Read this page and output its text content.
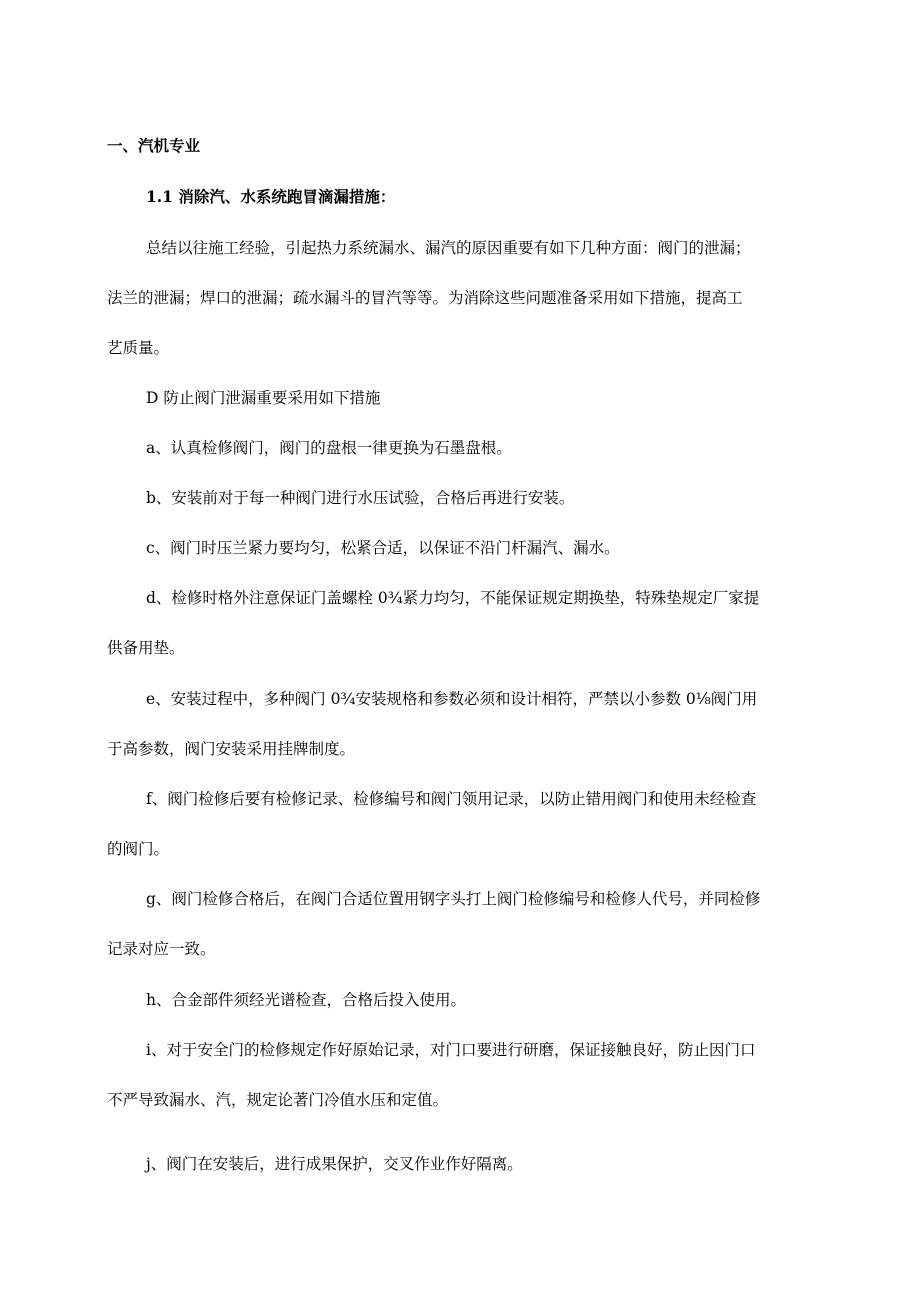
一、汽机专业
1.1 消除汽、水系统跑冒滴漏措施：
总结以往施工经验，引起热力系统漏水、漏汽的原因重要有如下几种方面：阀门的泄漏；
法兰的泄漏；焊口的泄漏；疏水漏斗的冒汽等等。为消除这些问题准备采用如下措施，提高工
艺质量。
D 防止阀门泄漏重要采用如下措施
a、认真检修阀门，阀门的盘根一律更换为石墨盘根。
b、安装前对于每一种阀门进行水压试验，合格后再进行安装。
c、阀门时压兰紧力要均匀，松紧合适，以保证不沿门杆漏汽、漏水。
d、检修时格外注意保证门盖螺栓 0¾紧力均匀，不能保证规定期换垫，特殊垫规定厂家提
供备用垫。
e、安装过程中，多种阀门 0¾安装规格和参数必须和设计相符，严禁以小参数 0⅛阀门用
于高参数，阀门安装采用挂牌制度。
f、阀门检修后要有检修记录、检修编号和阀门领用记录，以防止错用阀门和使用未经检查
的阀门。
g、阀门检修合格后，在阀门合适位置用钢字头打上阀门检修编号和检修人代号，并同检修
记录对应一致。
h、合金部件须经光谱检查，合格后投入使用。
i、对于安全门的检修规定作好原始记录，对门口要进行研磨，保证接触良好，防止因门口
不严导致漏水、汽，规定论著门冷值水压和定值。
j、阀门在安装后，进行成果保护，交叉作业作好隔离。
